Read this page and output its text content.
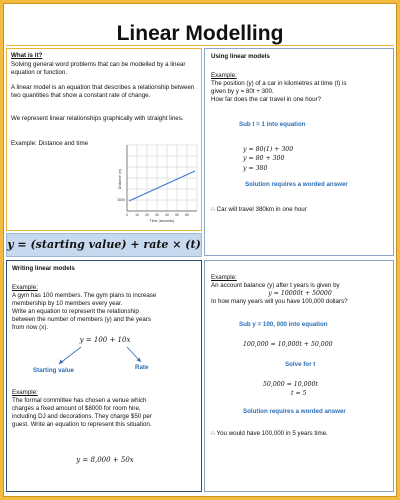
Linear Modelling
What is it?
Solving general word problems that can be modelled by a linear equation or function.
A linear model is an equation that describes a relationship between two quantities that show a constant rate of change.
We represent linear relationships graphically with straight lines.
Example: Distance and time
Distance (m)
3000
0 10 20 30 40 50 60
Time (seconds)
y = (starting value) + rate × (t)
Using linear models
Example:
The position (y) of a car in kilometres at time (t) is
given by y = 80t + 300.
How far does the car travel in one hour?
Sub t = 1 into equation
y = 80(1) + 300
y = 80 + 300
y = 380
Solution requires a worded answer
∴ Car will travel 380km in one hour
Writing linear models
Example:
A gym has 100 members. The gym plans to increase
membership by 10 members every year.
Write an equation to represent the relationship
between the number of members (y) and the years
from now (x).
y = 100 + 10x
Starting value	Rate
Example:
The formal committee has chosen a venue which
charges a fixed amount of $8000 for room hire,
including DJ and decorations. They charge $50 per
guest. Write an equation to represent this situation.
y = 8,000 + 50x
Example:
An account balance (y) after t years is given by
y = 10000t + 50000
In how many years will you have 100,000 dollars?
Sub y = 100, 000 into equation
100,000 = 10,000t + 50,000
Solve for t
50,000 = 10,000t
t = 5
Solution requires a worded answer
∴ You would have 100,000 in 5 years time.
